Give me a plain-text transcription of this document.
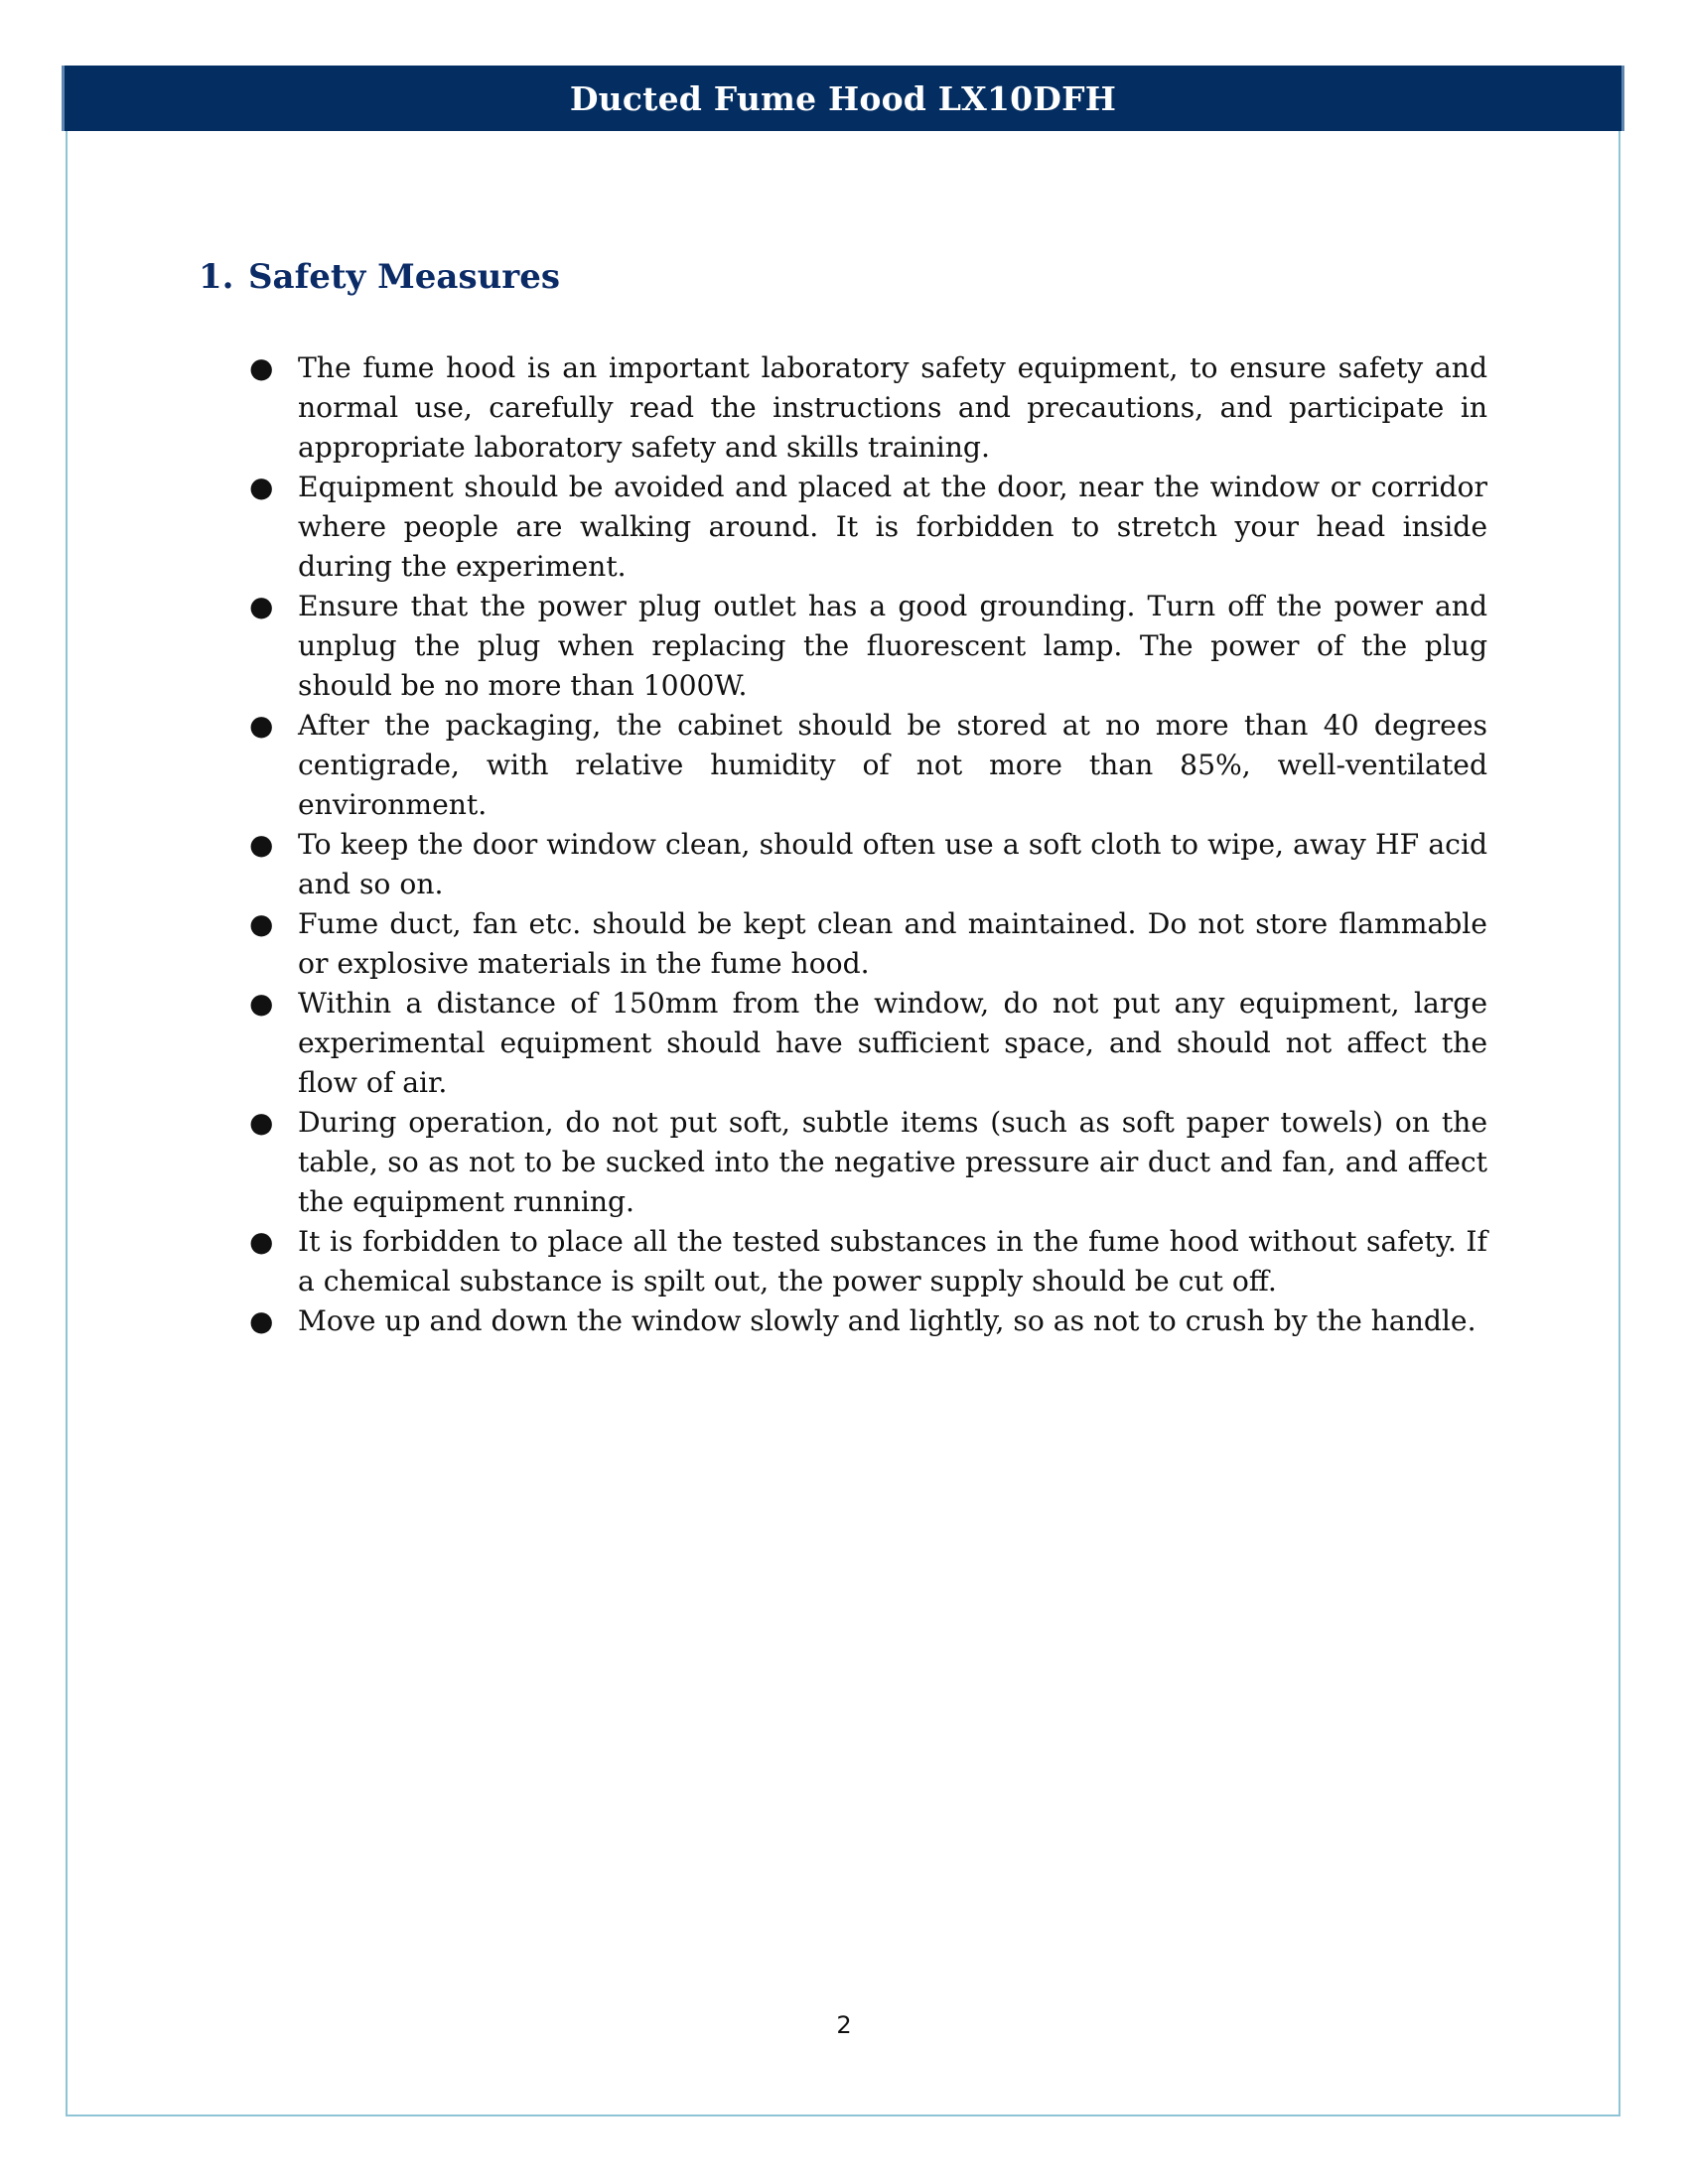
Ducted Fume Hood LX10DFH
1. Safety Measures
● The fume hood is an important laboratory safety equipment, to ensure safety and normal use, carefully read the instructions and precautions, and participate in appropriate laboratory safety and skills training.
● Equipment should be avoided and placed at the door, near the window or corridor where people are walking around. It is forbidden to stretch your head inside during the experiment.
● Ensure that the power plug outlet has a good grounding. Turn off the power and unplug the plug when replacing the fluorescent lamp. The power of the plug should be no more than 1000W.
● After the packaging, the cabinet should be stored at no more than 40 degrees centigrade, with relative humidity of not more than 85%, well-ventilated environment.
● To keep the door window clean, should often use a soft cloth to wipe, away HF acid and so on.
● Fume duct, fan etc. should be kept clean and maintained. Do not store flammable or explosive materials in the fume hood.
● Within a distance of 150mm from the window, do not put any equipment, large experimental equipment should have sufficient space, and should not affect the flow of air.
● During operation, do not put soft, subtle items (such as soft paper towels) on the table, so as not to be sucked into the negative pressure air duct and fan, and affect the equipment running.
● It is forbidden to place all the tested substances in the fume hood without safety. If a chemical substance is spilt out, the power supply should be cut off.
● Move up and down the window slowly and lightly, so as not to crush by the handle.
2
